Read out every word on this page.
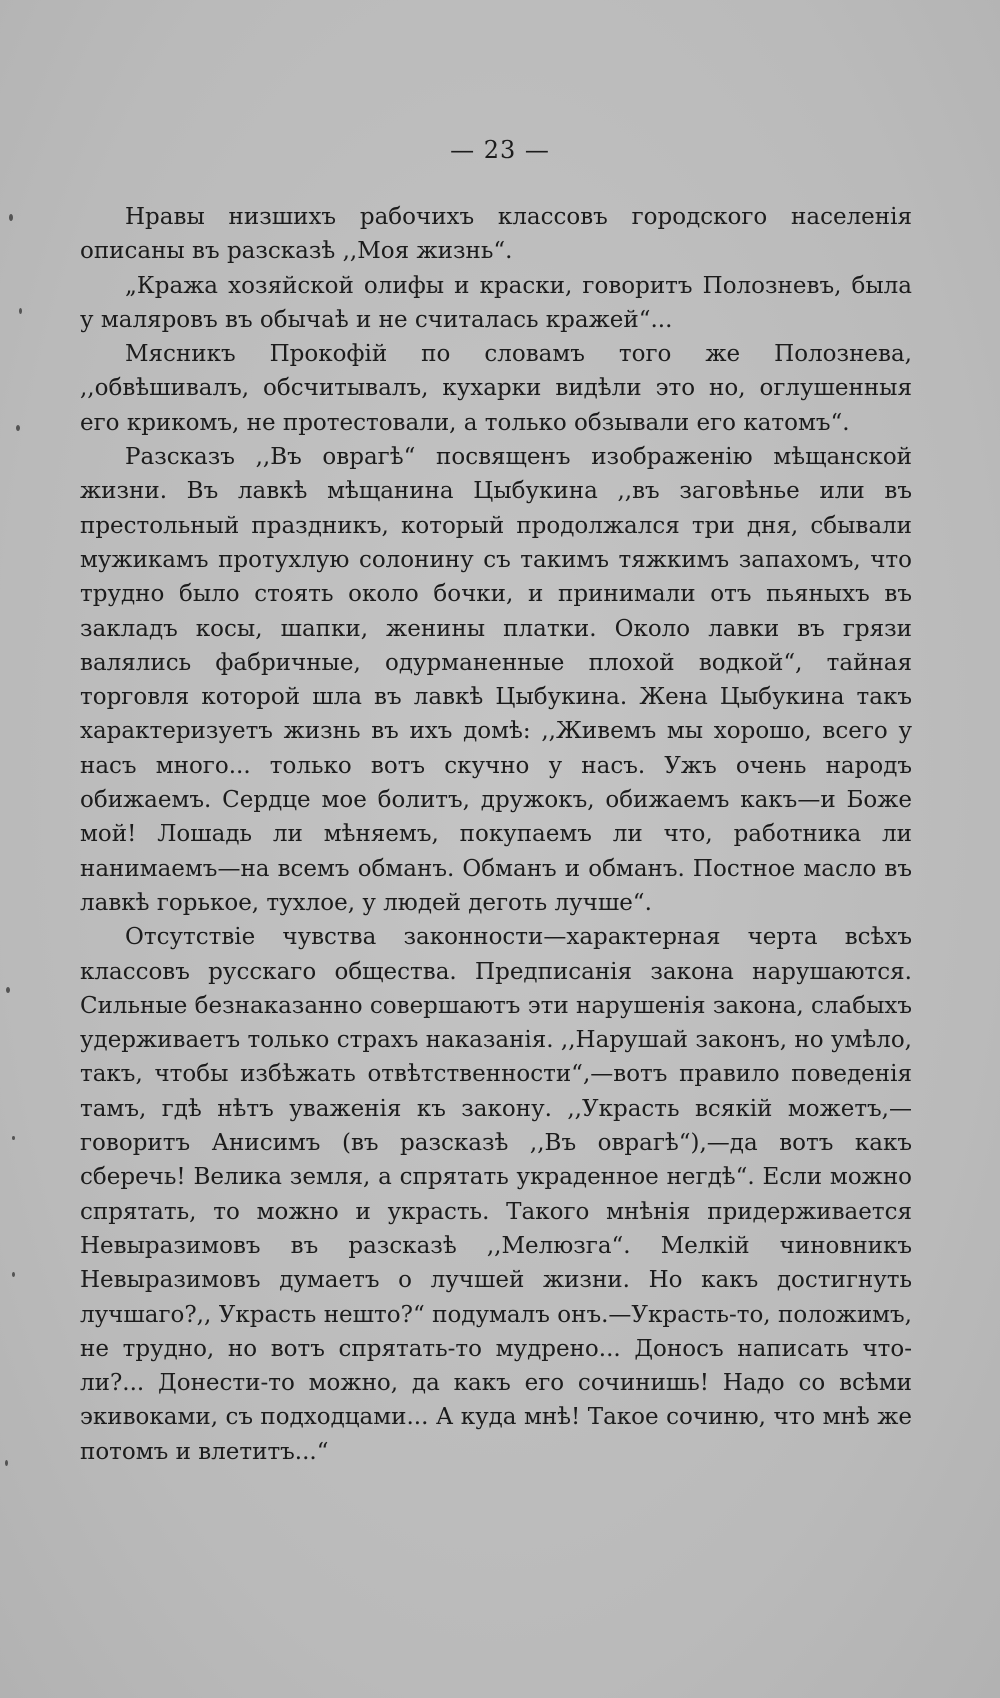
— 23 —

Нравы низшихъ рабочихъ классовъ городского населенія описаны въ разсказѣ ,,Моя жизнь“.

„Кража хозяйской олифы и краски, говоритъ Полозневъ, была у маляровъ въ обычаѣ и не считалась кражей“...

Мясникъ Прокофій по словамъ того же Полознева, ,,обвѣшивалъ, обсчитывалъ, кухарки видѣли это но, оглушенныя его крикомъ, не протестовали, а только обзывали его катомъ“.

Разсказъ ,,Въ оврагѣ“ посвященъ изображенію мѣщанской жизни. Въ лавкѣ мѣщанина Цыбукина ,,въ заговѣнье или въ престольный праздникъ, который продолжался три дня, сбывали мужикамъ протухлую солонину съ такимъ тяжкимъ запахомъ, что трудно было стоять около бочки, и принимали отъ пьяныхъ въ закладъ косы, шапки, женины платки. Около лавки въ грязи валялись фабричные, одурманенные плохой водкой“, тайная торговля которой шла въ лавкѣ Цыбукина. Жена Цыбукина такъ характеризуетъ жизнь въ ихъ домѣ: ,,Живемъ мы хорошо, всего у насъ много... только вотъ скучно у насъ. Ужъ очень народъ обижаемъ. Сердце мое болитъ, дружокъ, обижаемъ какъ—и Боже мой! Лошадь ли мѣняемъ, покупаемъ ли что, работника ли нанимаемъ—на всемъ обманъ. Обманъ и обманъ. Постное масло въ лавкѣ горькое, тухлое, у людей деготь лучше“.

Отсутствіе чувства законности—характерная черта всѣхъ классовъ русскаго общества. Предписанія закона нарушаются. Сильные безнаказанно совершаютъ эти нарушенія закона, слабыхъ удерживаетъ только страхъ наказанія. ,,Нарушай законъ, но умѣло, такъ, чтобы избѣжать отвѣтственности“,—вотъ правило поведенія тамъ, гдѣ нѣтъ уваженія къ закону. ,,Украсть всякій можетъ,—говоритъ Анисимъ (въ разсказѣ ,,Въ оврагѣ“),—да вотъ какъ сберечь! Велика земля, а спрятать украденное негдѣ“. Если можно спрятать, то можно и украсть. Такого мнѣнія придерживается Невыразимовъ въ разсказѣ ,,Мелюзга“. Мелкій чиновникъ Невыразимовъ думаетъ о лучшей жизни. Но какъ достигнуть лучшаго?,, Украсть нешто?“ подумалъ онъ.—Украсть-то, положимъ, не трудно, но вотъ спрятать-то мудрено... Доносъ написать что-ли?... Донести-то можно, да какъ его сочинишь! Надо со всѣми экивоками, съ подходцами... А куда мнѣ! Такое сочиню, что мнѣ же потомъ и влетитъ...“
